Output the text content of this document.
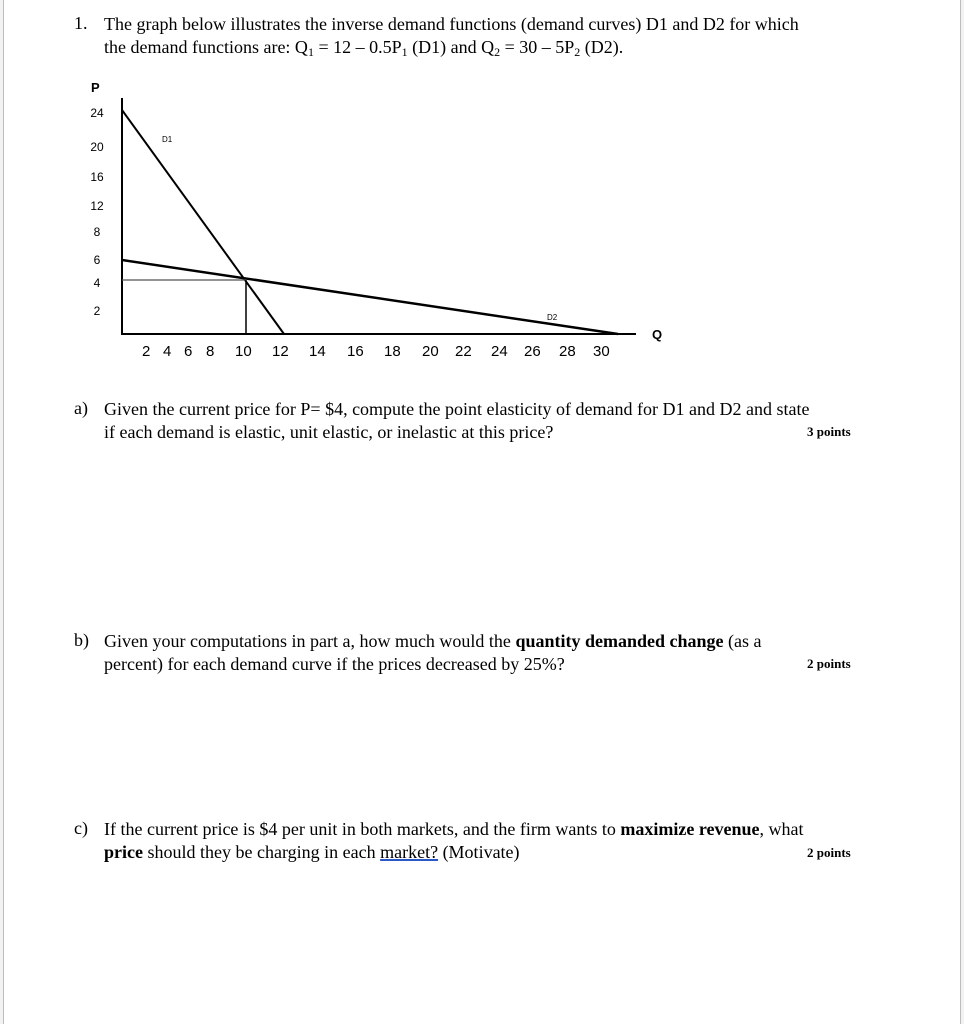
1. The graph below illustrates the inverse demand functions (demand curves) D1 and D2 for which
the demand functions are: $Q_1 = 12 - 0.5P_1$ (D1) and $Q_2 = 30 - 5P_2$ (D2).
P
Q
D1
D2
a) Given the current price for P= $4, compute the point elasticity of demand for D1 and D2 and state
if each demand is elastic, unit elastic, or inelastic at this price?	3 points
b) Given your computations in part a, how much would the quantity demanded change (as a
percent) for each demand curve if the prices decreased by 25%?	2 points
c) If the current price is $4 per unit in both markets, and the firm wants to maximize revenue, what
price should they be charging in each market? (Motivate)	2 points
24
20
16
12
8
6
4
2
2 4 6 8 10 12 14 16 18 20 22 24 26 28 30
